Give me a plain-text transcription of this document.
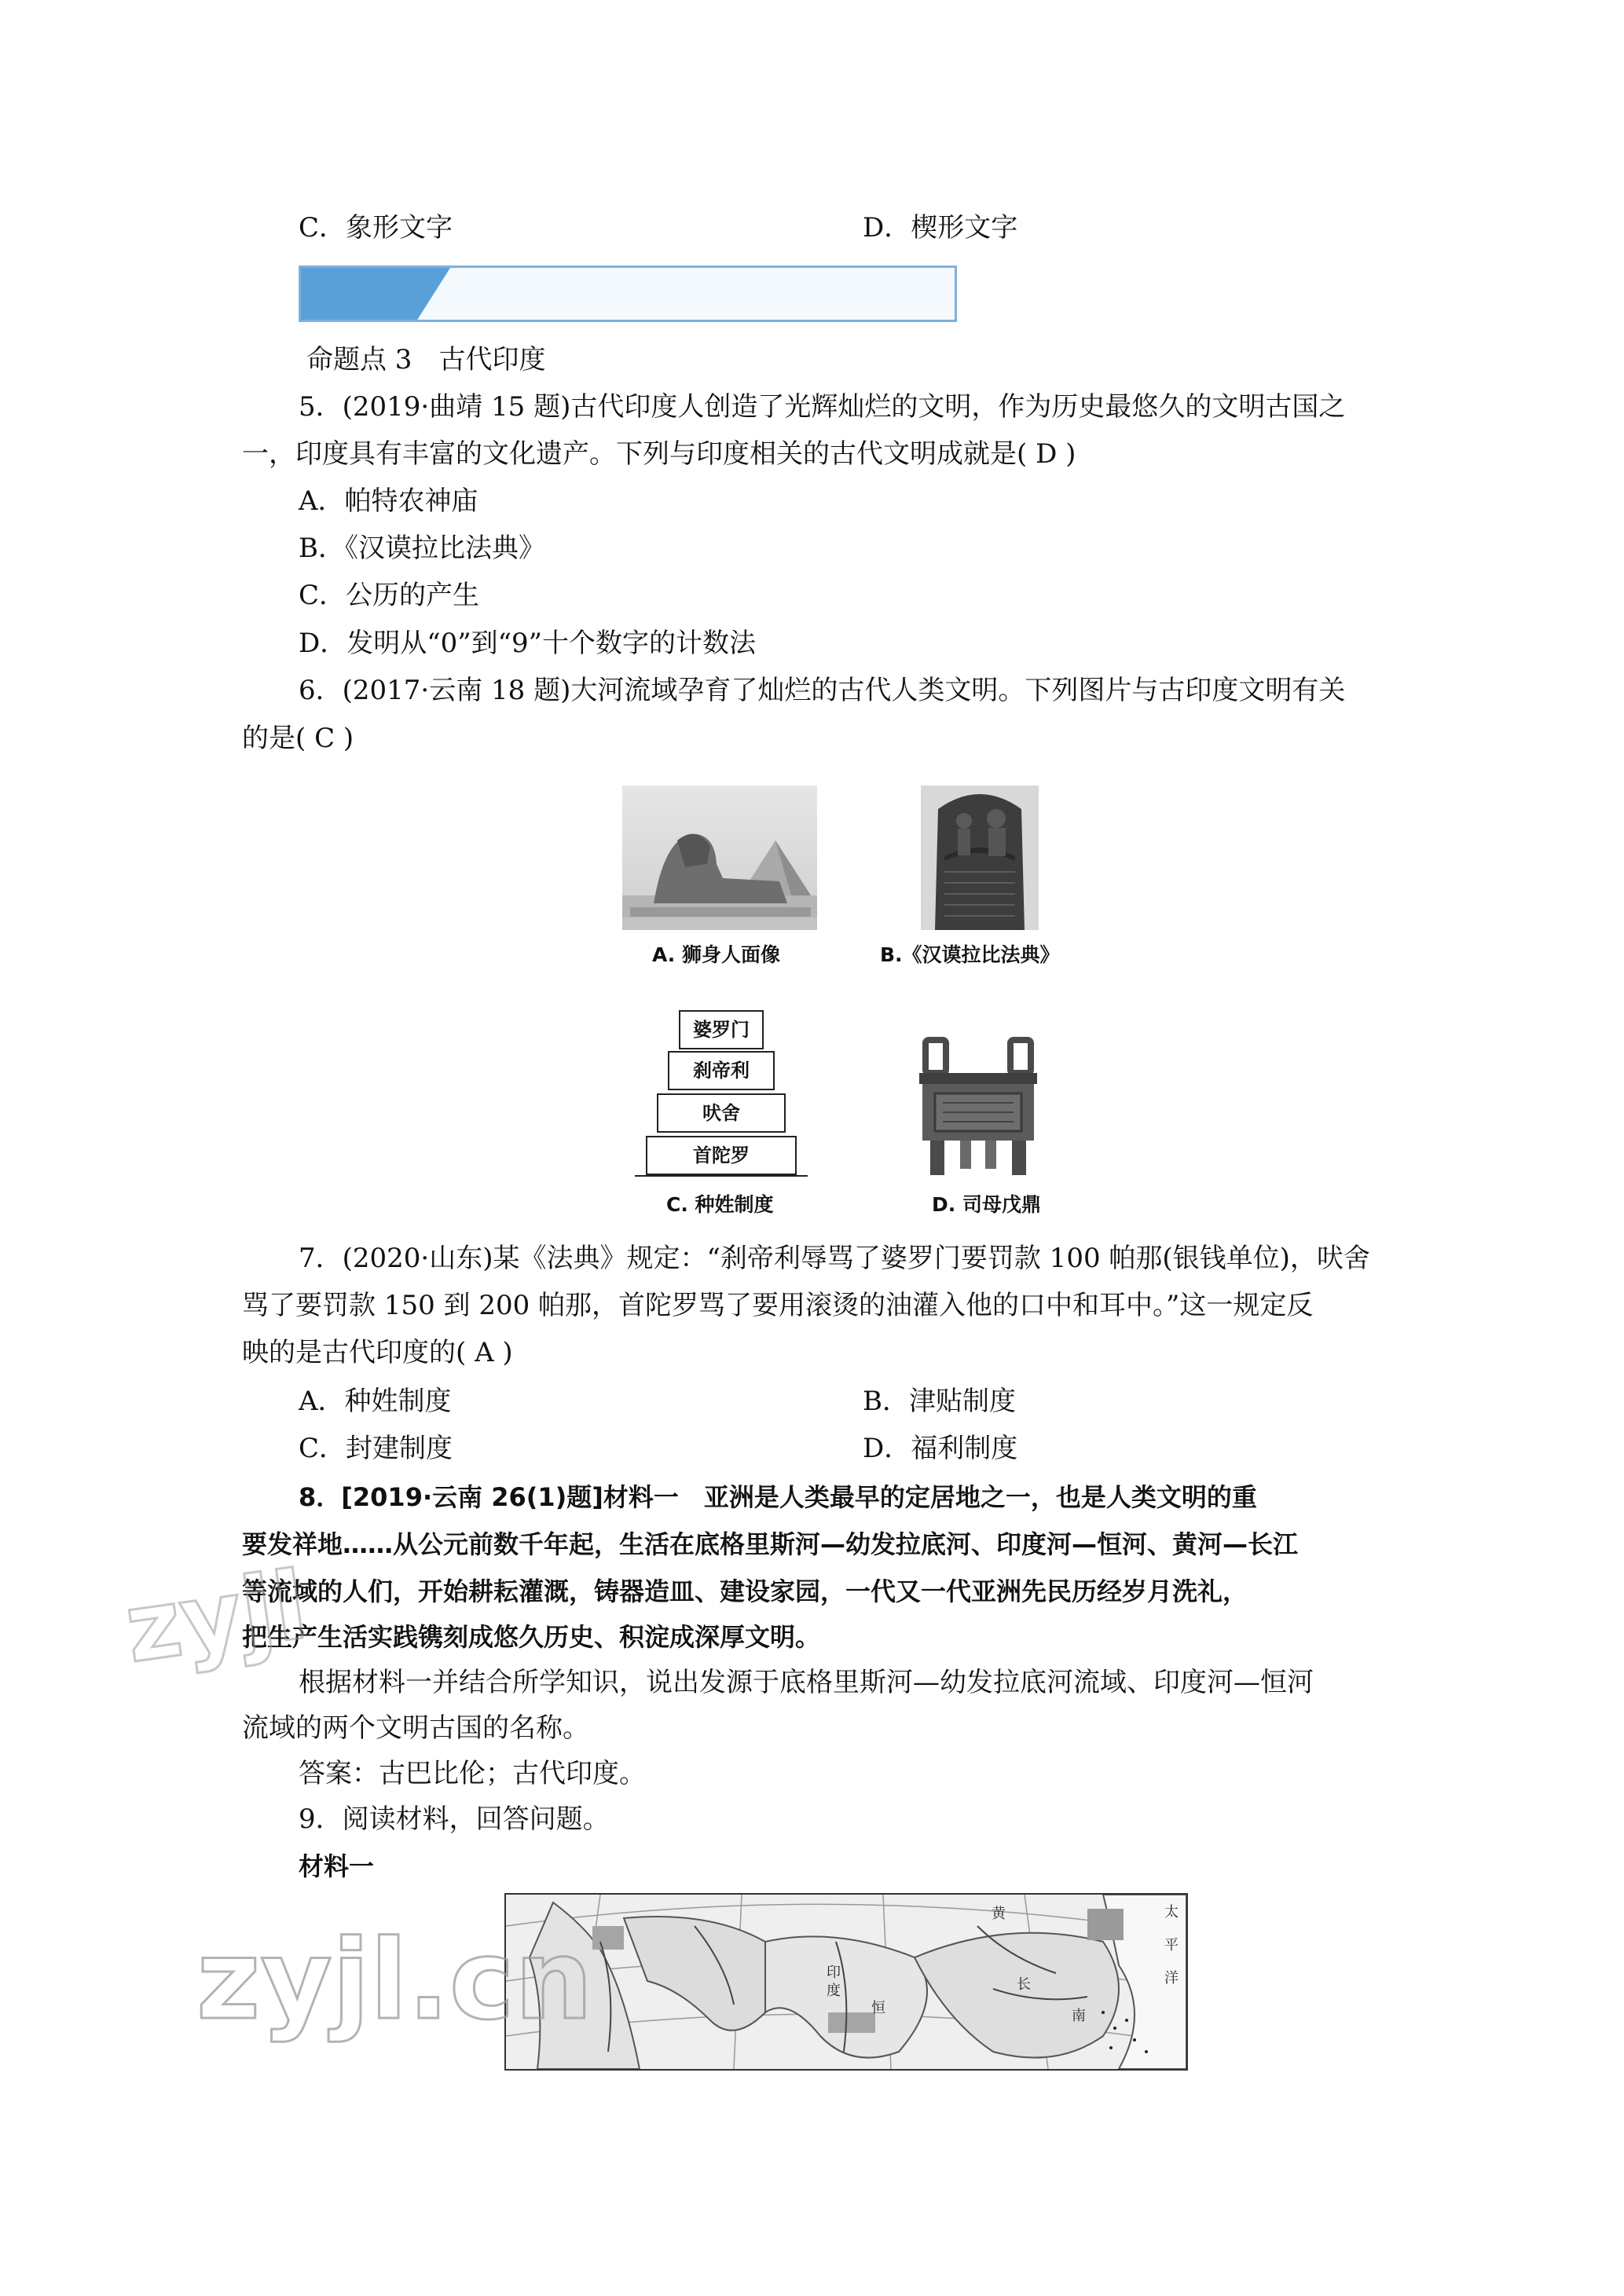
C．象形文字	D．楔形文字
命题点 3　古代印度
5．(2019·曲靖 15 题)古代印度人创造了光辉灿烂的文明，作为历史最悠久的文明古国之
一，印度具有丰富的文化遗产。下列与印度相关的古代文明成就是( D )
A．帕特农神庙
B．《汉谟拉比法典》
C．公历的产生
D．发明从“0”到“9”十个数字的计数法
6．(2017·云南 18 题)大河流域孕育了灿烂的古代人类文明。下列图片与古印度文明有关
的是( C )
A. 狮身人面像	B.《汉谟拉比法典》
婆罗门
刹帝利
吠舍
首陀罗
C. 种姓制度	D. 司母戊鼎
7．(2020·山东)某《法典》规定：“刹帝利辱骂了婆罗门要罚款 100 帕那(银钱单位)，吠舍
骂了要罚款 150 到 200 帕那，首陀罗骂了要用滚烫的油灌入他的口中和耳中。”这一规定反
映的是古代印度的( A )
A．种姓制度	B．津贴制度
C．封建制度	D．福利制度
8．[2019·云南 26(1)题]材料一　亚洲是人类最早的定居地之一，也是人类文明的重
要发祥地……从公元前数千年起，生活在底格里斯河—幼发拉底河、印度河—恒河、黄河—长江
等流域的人们，开始耕耘灌溉，铸器造皿、建设家园，一代又一代亚洲先民历经岁月洗礼，
把生产生活实践镌刻成悠久历史、积淀成深厚文明。
根据材料一并结合所学知识，说出发源于底格里斯河—幼发拉底河流域、印度河—恒河
流域的两个文明古国的名称。
答案：古巴比伦；古代印度。
9．阅读材料，回答问题。
材料一
太
平
洋
印
度
恒
长
黄
南
zyjl
zyjl.cn
